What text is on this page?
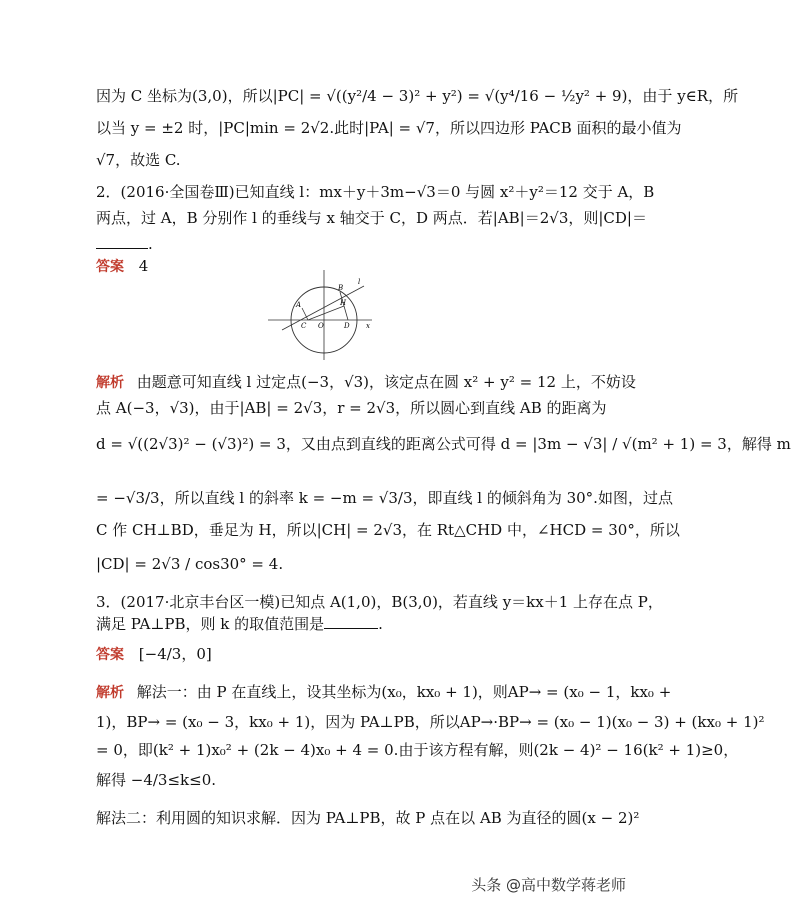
因为 C 坐标为(3,0)，所以|PC| = √((y²/4 − 3)² + y²) = √(y⁴/16 − ½y² + 9)，由于 y∈R，所
以当 y = ±2 时，|PC|min = 2√2.此时|PA| = √7，所以四边形 PACB 面积的最小值为
√7，故选 C.
2．(2016·全国卷Ⅲ)已知直线 l：mx＋y＋3m−√3＝0 与圆 x²＋y²＝12 交于 A，B
两点，过 A，B 分别作 l 的垂线与 x 轴交于 C，D 两点．若|AB|＝2√3，则|CD|＝
.
答案 4
A
B
C	D
O
H
l
x
解析 由题意可知直线 l 过定点(−3，√3)，该定点在圆 x² + y² = 12 上，不妨设
点 A(−3，√3)，由于|AB| = 2√3，r = 2√3，所以圆心到直线 AB 的距离为
d = √((2√3)² − (√3)²) = 3，又由点到直线的距离公式可得 d = |3m − √3| / √(m² + 1) = 3，解得 m
= −√3/3，所以直线 l 的斜率 k = −m = √3/3，即直线 l 的倾斜角为 30°.如图，过点
C 作 CH⊥BD，垂足为 H，所以|CH| = 2√3，在 Rt△CHD 中，∠HCD = 30°，所以
|CD| = 2√3 / cos30° = 4.
3．(2017·北京丰台区一模)已知点 A(1,0)，B(3,0)，若直线 y＝kx＋1 上存在点 P，
满足 PA⊥PB，则 k 的取值范围是	.
答案 [−4/3，0]
解析 解法一：由 P 在直线上，设其坐标为(x₀，kx₀ + 1)，则AP→ = (x₀ − 1，kx₀ +
1)，BP→ = (x₀ − 3，kx₀ + 1)，因为 PA⊥PB，所以AP→·BP→ = (x₀ − 1)(x₀ − 3) + (kx₀ + 1)²
= 0，即(k² + 1)x₀² + (2k − 4)x₀ + 4 = 0.由于该方程有解，则(2k − 4)² − 16(k² + 1)≥0，
解得 −4/3≤k≤0.
解法二：利用圆的知识求解．因为 PA⊥PB，故 P 点在以 AB 为直径的圆(x − 2)²
头条 @高中数学蒋老师
